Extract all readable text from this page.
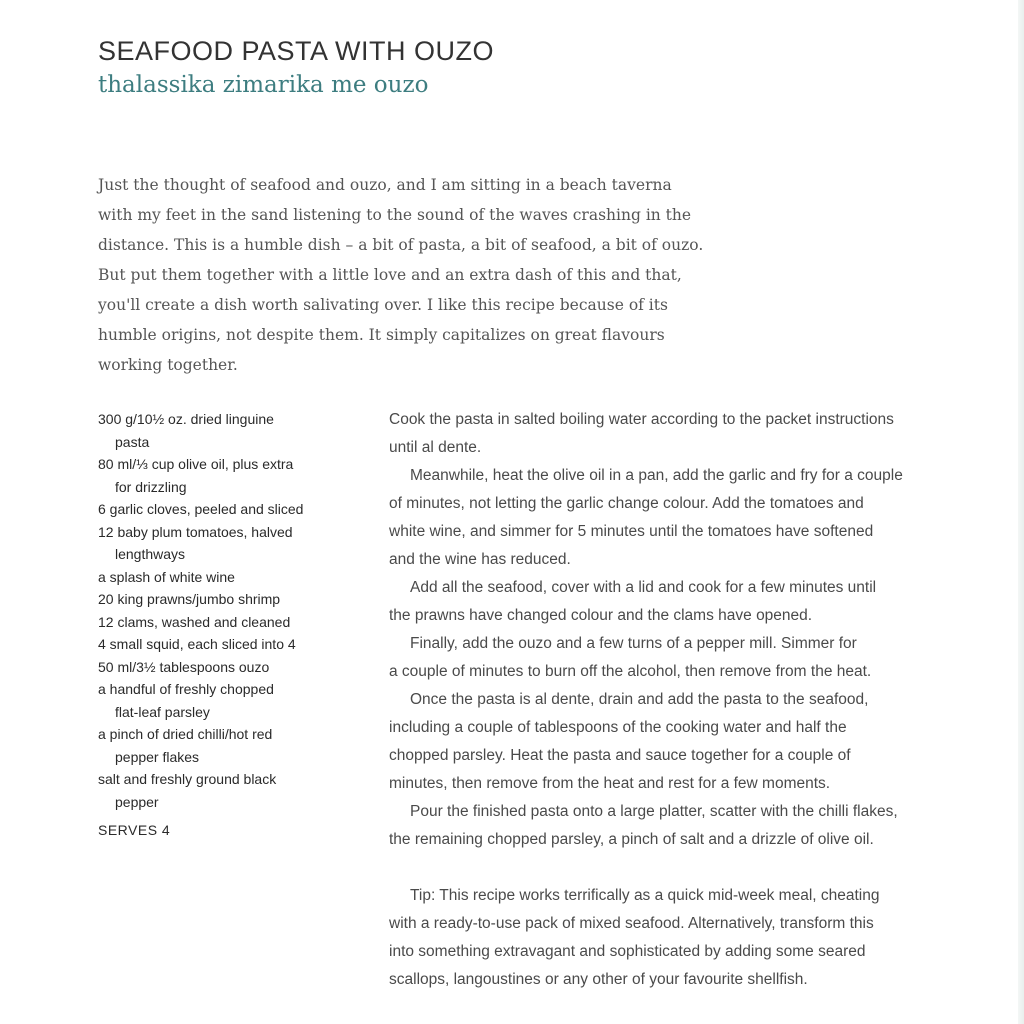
SEAFOOD PASTA WITH OUZO
thalassika zimarika me ouzo
Just the thought of seafood and ouzo, and I am sitting in a beach taverna
with my feet in the sand listening to the sound of the waves crashing in the
distance. This is a humble dish – a bit of pasta, a bit of seafood, a bit of ouzo.
But put them together with a little love and an extra dash of this and that,
you'll create a dish worth salivating over. I like this recipe because of its
humble origins, not despite them. It simply capitalizes on great flavours
working together.
300 g/10½ oz. dried linguine
pasta
80 ml/⅓ cup olive oil, plus extra
for drizzling
6 garlic cloves, peeled and sliced
12 baby plum tomatoes, halved
lengthways
a splash of white wine
20 king prawns/jumbo shrimp
12 clams, washed and cleaned
4 small squid, each sliced into 4
50 ml/3½ tablespoons ouzo
a handful of freshly chopped
flat-leaf parsley
a pinch of dried chilli/hot red
pepper flakes
salt and freshly ground black
pepper
SERVES 4
Cook the pasta in salted boiling water according to the packet instructions
until al dente.
Meanwhile, heat the olive oil in a pan, add the garlic and fry for a couple
of minutes, not letting the garlic change colour. Add the tomatoes and
white wine, and simmer for 5 minutes until the tomatoes have softened
and the wine has reduced.
Add all the seafood, cover with a lid and cook for a few minutes until
the prawns have changed colour and the clams have opened.
Finally, add the ouzo and a few turns of a pepper mill. Simmer for
a couple of minutes to burn off the alcohol, then remove from the heat.
Once the pasta is al dente, drain and add the pasta to the seafood,
including a couple of tablespoons of the cooking water and half the
chopped parsley. Heat the pasta and sauce together for a couple of
minutes, then remove from the heat and rest for a few moments.
Pour the finished pasta onto a large platter, scatter with the chilli flakes,
the remaining chopped parsley, a pinch of salt and a drizzle of olive oil.
Tip: This recipe works terrifically as a quick mid-week meal, cheating
with a ready-to-use pack of mixed seafood. Alternatively, transform this
into something extravagant and sophisticated by adding some seared
scallops, langoustines or any other of your favourite shellfish.
